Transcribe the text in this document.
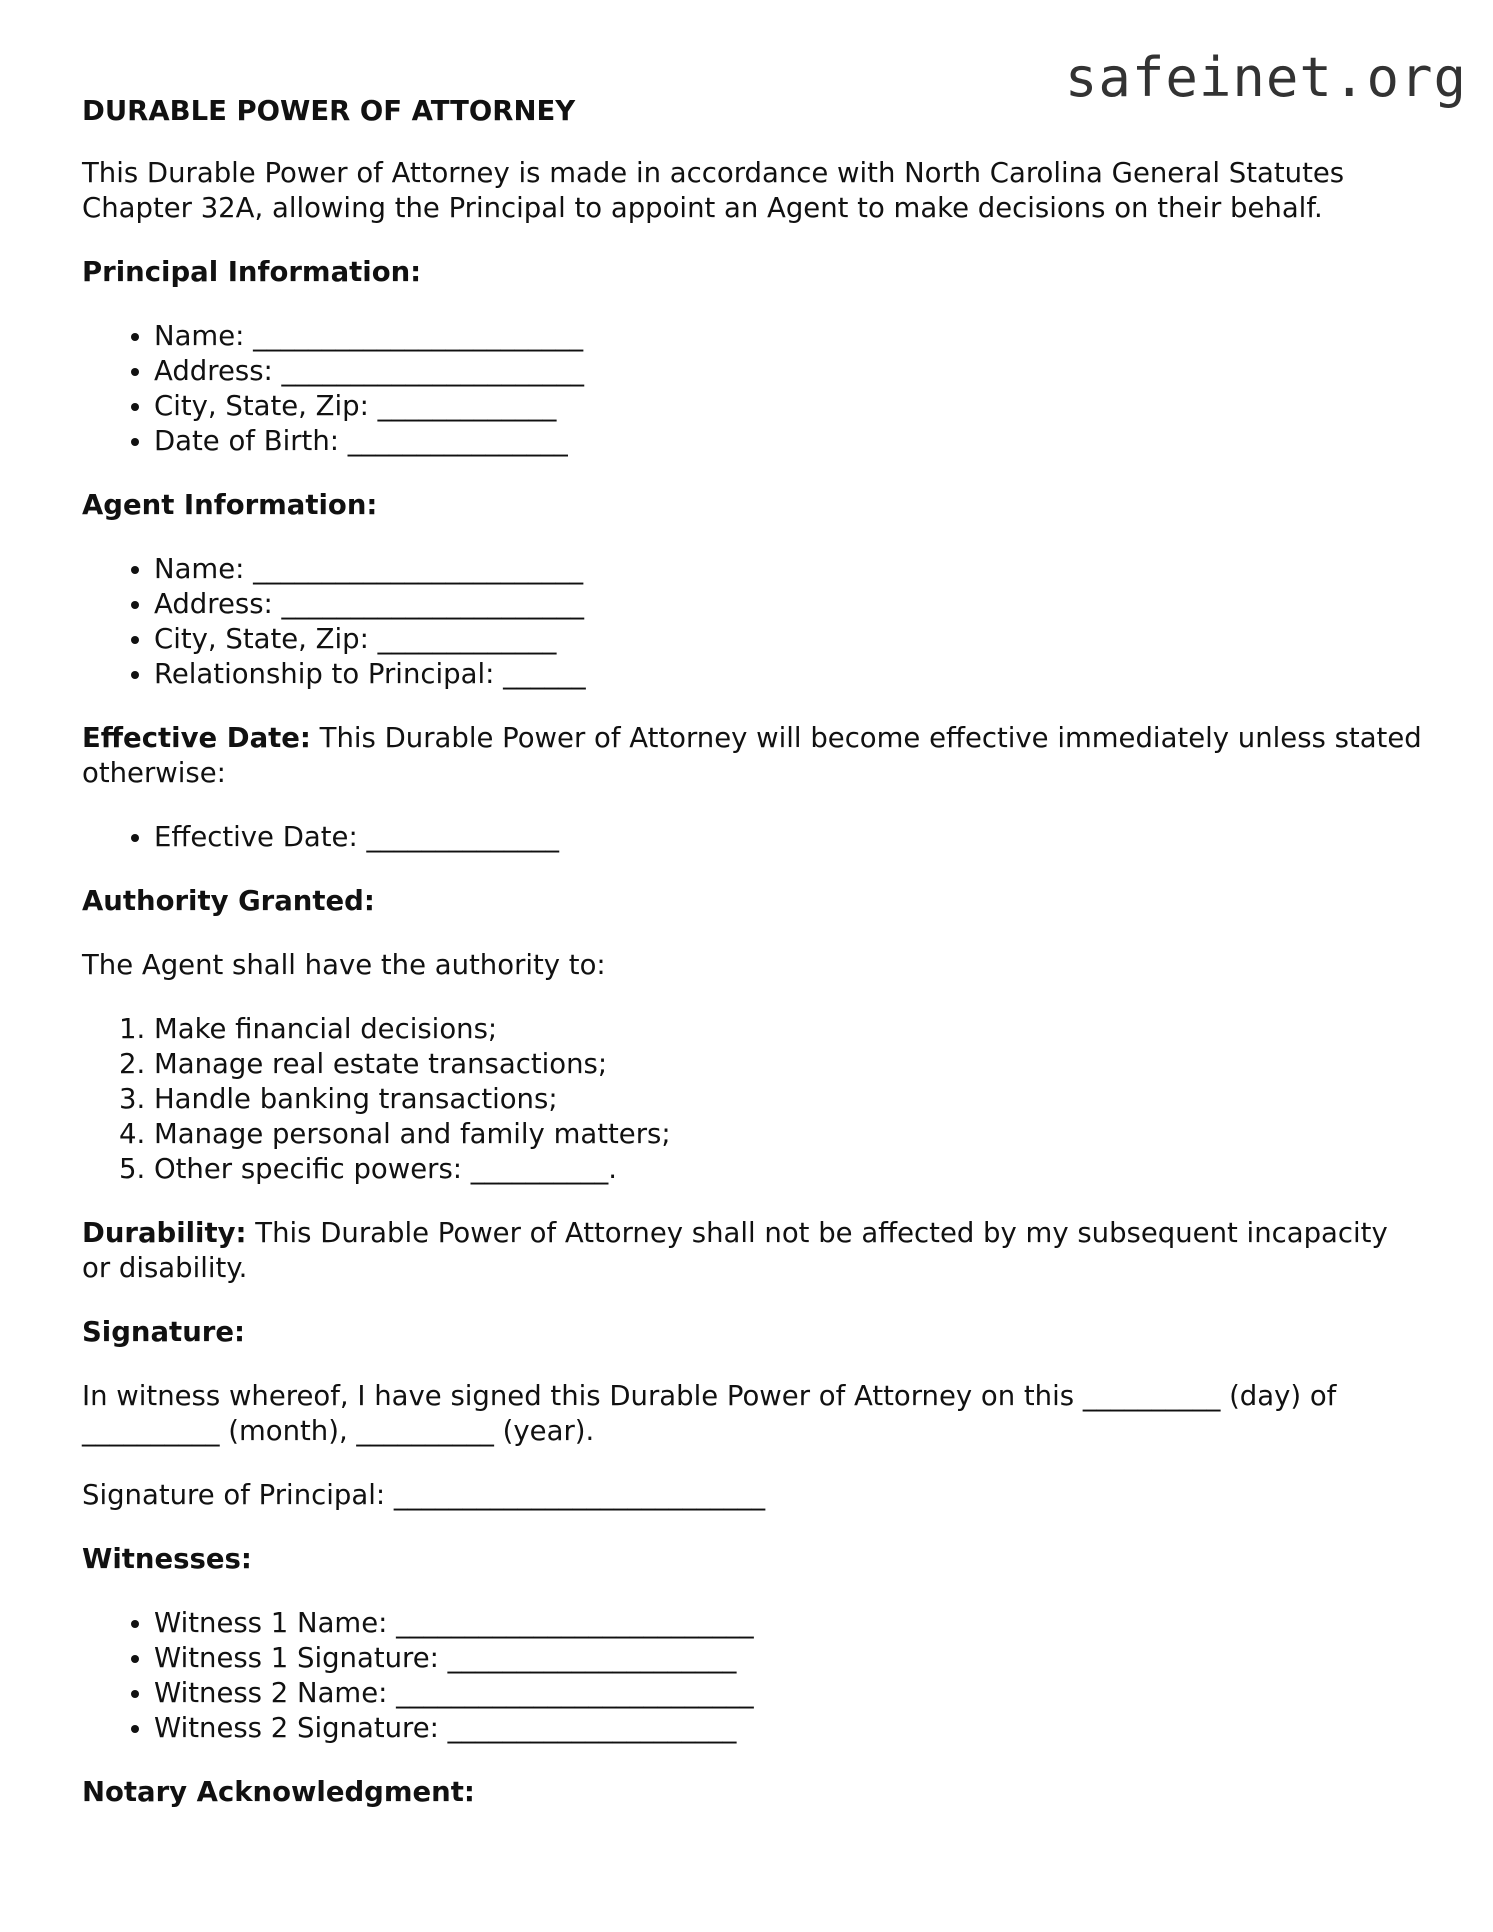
safeinet.org
DURABLE POWER OF ATTORNEY

This Durable Power of Attorney is made in accordance with North Carolina General Statutes Chapter 32A, allowing the Principal to appoint an Agent to make decisions on their behalf.

Principal Information:
• Name: ________________________
• Address: ______________________
• City, State, Zip: _____________
• Date of Birth: ________________
Agent Information:
• Name: ________________________
• Address: ______________________
• City, State, Zip: _____________
• Relationship to Principal: ______

Effective Date: This Durable Power of Attorney will become effective immediately unless stated otherwise:

• Effective Date: ______________
Authority Granted:

The Agent shall have the authority to:

1. Make financial decisions;
2. Manage real estate transactions;
3. Handle banking transactions;
4. Manage personal and family matters;
5. Other specific powers: __________.

Durability: This Durable Power of Attorney shall not be affected by my subsequent incapacity or disability.

Signature:

In witness whereof, I have signed this Durable Power of Attorney on this __________ (day) of __________ (month), __________ (year).

Signature of Principal: ___________________________

Witnesses:
• Witness 1 Name: __________________________
• Witness 1 Signature: _____________________
• Witness 2 Name: __________________________
• Witness 2 Signature: _____________________
Notary Acknowledgment:
